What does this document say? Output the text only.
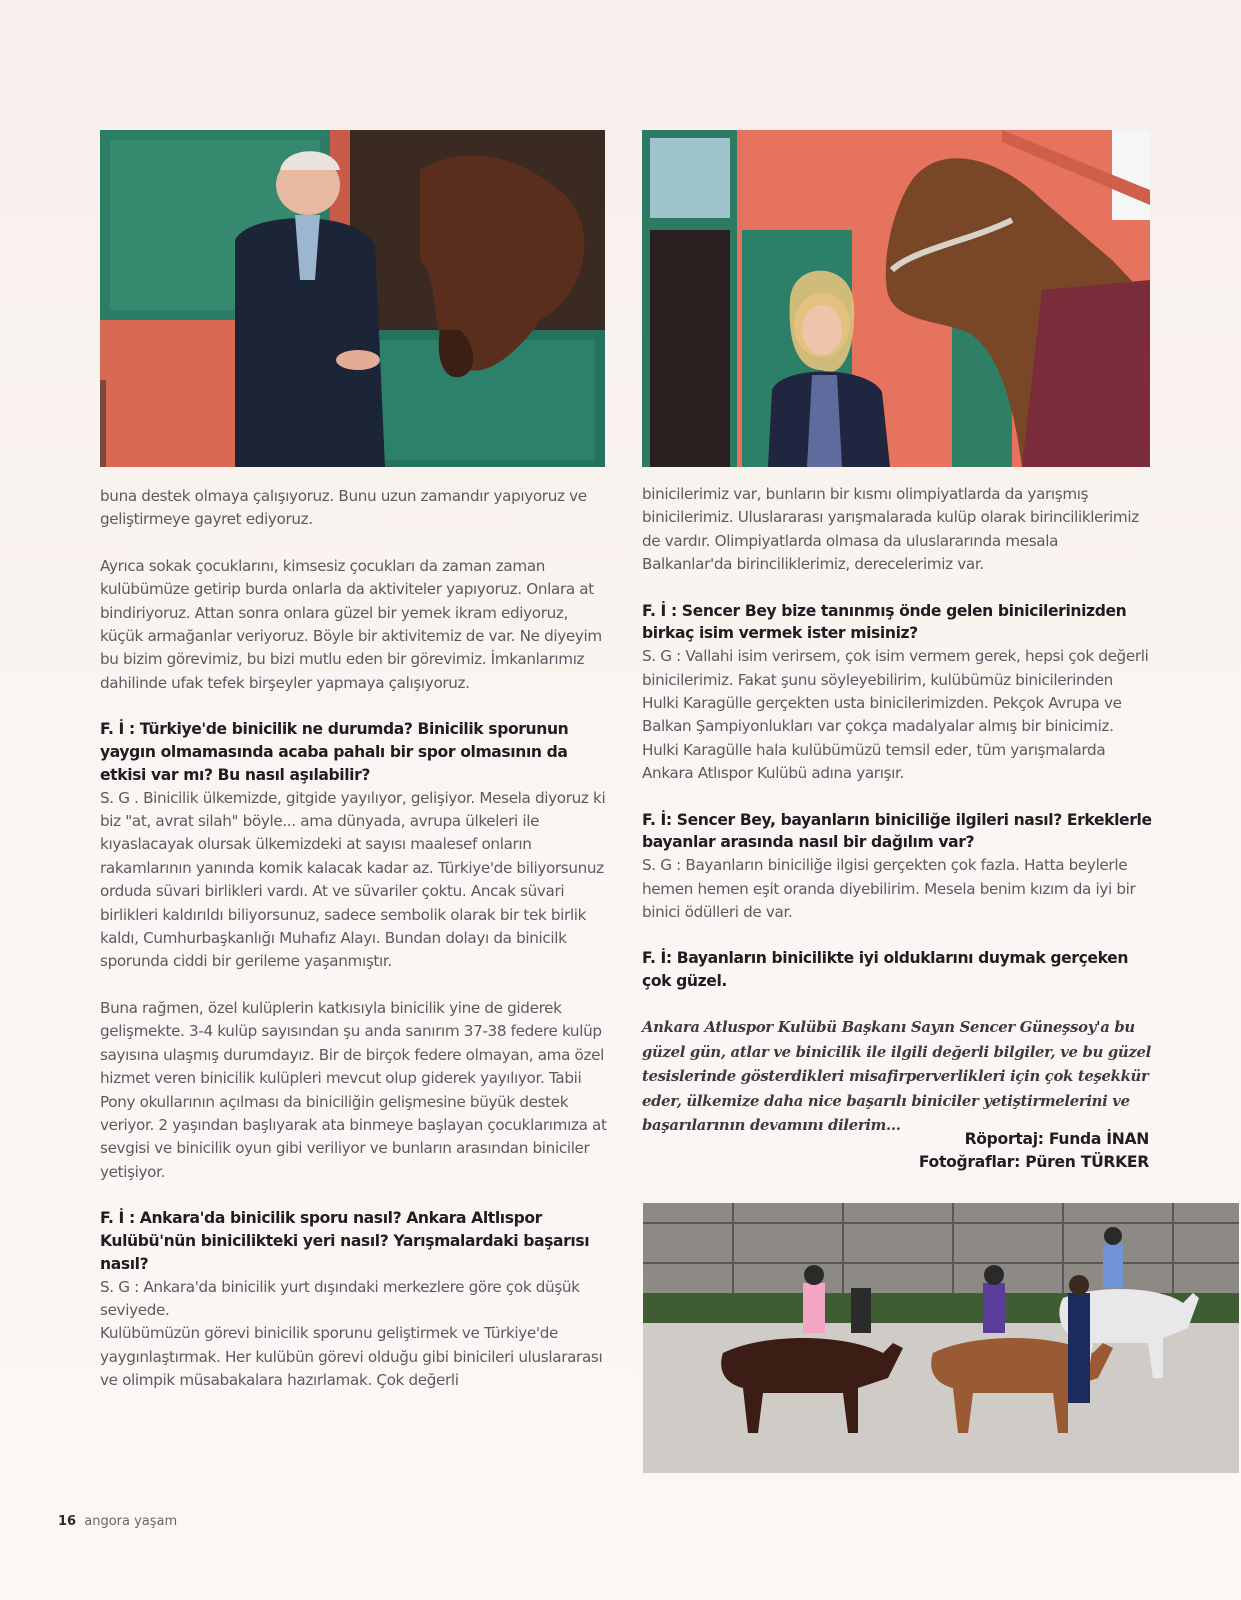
buna destek olmaya çalışıyoruz. Bunu uzun zamandır yapıyoruz ve geliştirmeye gayret ediyoruz.

Ayrıca sokak çocuklarını, kimsesiz çocukları da zaman zaman kulübümüze getirip burda onlarla da aktiviteler yapıyoruz. Onlara at bindiriyoruz. Attan sonra onlara güzel bir yemek ikram ediyoruz, küçük armağanlar veriyoruz. Böyle bir aktivitemiz de var. Ne diyeyim bu bizim görevimiz, bu bizi mutlu eden bir görevimiz. İmkanlarımız dahilinde ufak tefek birşeyler yapmaya çalışıyoruz.

F. İ : Türkiye'de binicilik ne durumda? Binicilik sporunun yaygın olmamasında acaba pahalı bir spor olmasının da etkisi var mı? Bu nasıl aşılabilir?

S. G . Binicilik ülkemizde, gitgide yayılıyor, gelişiyor. Mesela diyoruz ki biz "at, avrat silah" böyle... ama dünyada, avrupa ülkeleri ile kıyaslacayak olursak ülkemizdeki at sayısı maalesef onların rakamlarının yanında komik kalacak kadar az. Türkiye'de biliyorsunuz orduda süvari birlikleri vardı. At ve süvariler çoktu. Ancak süvari birlikleri kaldırıldı biliyorsunuz, sadece sembolik olarak bir tek birlik kaldı, Cumhurbaşkanlığı Muhafız Alayı. Bundan dolayı da binicilk sporunda ciddi bir gerileme yaşanmıştır.

Buna rağmen, özel kulüplerin katkısıyla binicilik yine de giderek gelişmekte. 3-4 kulüp sayısından şu anda sanırım 37-38 federe kulüp sayısına ulaşmış durumdayız. Bir de birçok federe olmayan, ama özel hizmet veren binicilik kulüpleri mevcut olup giderek yayılıyor. Tabii Pony okullarının açılması da biniciliğin gelişmesine büyük destek veriyor. 2 yaşından başlıyarak ata binmeye başlayan çocuklarımıza at sevgisi ve binicilik oyun gibi veriliyor ve bunların arasından biniciler yetişiyor.

F. İ : Ankara'da binicilik sporu nasıl? Ankara Altlıspor Kulübü'nün binicilikteki yeri nasıl? Yarışmalardaki başarısı nasıl?

S. G : Ankara'da binicilik yurt dışındaki merkezlere göre çok düşük seviyede.

Kulübümüzün görevi binicilik sporunu geliştirmek ve Türkiye'de yaygınlaştırmak. Her kulübün görevi olduğu gibi binicileri uluslararası ve olimpik müsabakalara hazırlamak. Çok değerli

binicilerimiz var, bunların bir kısmı olimpiyatlarda da yarışmış binicilerimiz. Uluslararası yarışmalarada kulüp olarak birinciliklerimiz de vardır. Olimpiyatlarda olmasa da uluslararında mesala Balkanlar'da birinciliklerimiz, derecelerimiz var.

F. İ : Sencer Bey bize tanınmış önde gelen binicilerinizden birkaç isim vermek ister misiniz?

S. G : Vallahi isim verirsem, çok isim vermem gerek, hepsi çok değerli binicilerimiz. Fakat şunu söyleyebilirim, kulübümüz binicilerinden Hulki Karagülle gerçekten usta binicilerimizden. Pekçok Avrupa ve Balkan Şampiyonlukları var çokça madalyalar almış bir binicimiz. Hulki Karagülle hala kulübümüzü temsil eder, tüm yarışmalarda Ankara Atlıspor Kulübü adına yarışır.

F. İ: Sencer Bey, bayanların biniciliğe ilgileri nasıl? Erkeklerle bayanlar arasında nasıl bir dağılım var?

S. G : Bayanların biniciliğe ilgisi gerçekten çok fazla. Hatta beylerle hemen hemen eşit oranda diyebilirim. Mesela benim kızım da iyi bir binici ödülleri de var.

F. İ: Bayanların binicilikte iyi olduklarını duymak gerçeken çok güzel.

Ankara Atluspor Kulübü Başkanı Sayın Sencer Güneşsoy'a bu güzel gün, atlar ve binicilik ile ilgili değerli bilgiler, ve bu güzel tesislerinde gösterdikleri misafirperverlikleri için çok teşekkür eder, ülkemize daha nice başarılı biniciler yetiştirmelerini ve başarılarının devamını dilerim...

Röportaj: Funda İNAN
Fotoğraflar: Püren TÜRKER
16 angora yaşam
